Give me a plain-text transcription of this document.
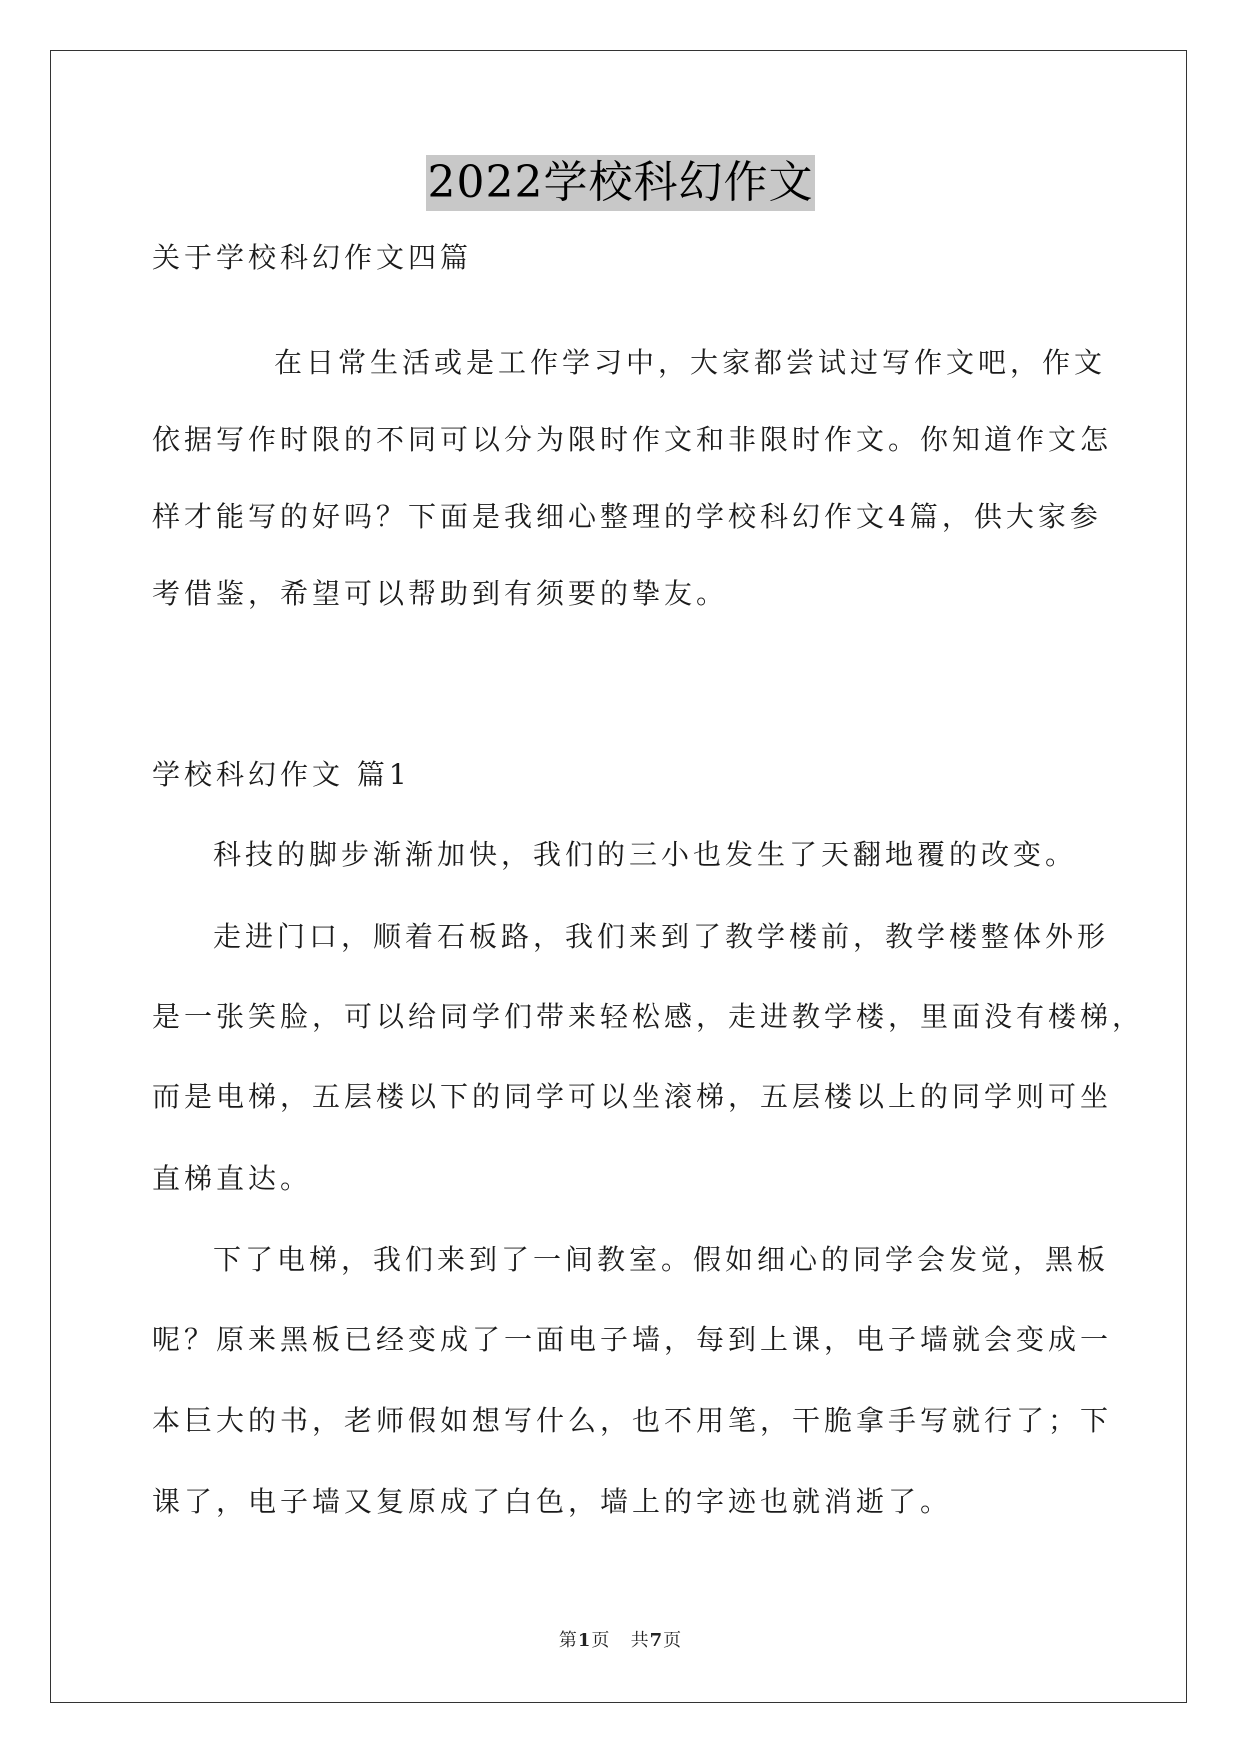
2022学校科幻作文
关于学校科幻作文四篇
在日常生活或是工作学习中，大家都尝试过写作文吧，作文
依据写作时限的不同可以分为限时作文和非限时作文。你知道作文怎
样才能写的好吗？下面是我细心整理的学校科幻作文4篇，供大家参
考借鉴，希望可以帮助到有须要的挚友。
学校科幻作文 篇1
科技的脚步渐渐加快，我们的三小也发生了天翻地覆的改变。
走进门口，顺着石板路，我们来到了教学楼前，教学楼整体外形
是一张笑脸，可以给同学们带来轻松感，走进教学楼，里面没有楼梯，
而是电梯，五层楼以下的同学可以坐滚梯，五层楼以上的同学则可坐
直梯直达。
下了电梯，我们来到了一间教室。假如细心的同学会发觉，黑板
呢？原来黑板已经变成了一面电子墙，每到上课，电子墙就会变成一
本巨大的书，老师假如想写什么，也不用笔，干脆拿手写就行了；下
课了，电子墙又复原成了白色，墙上的字迹也就消逝了。
第1页 共7页
